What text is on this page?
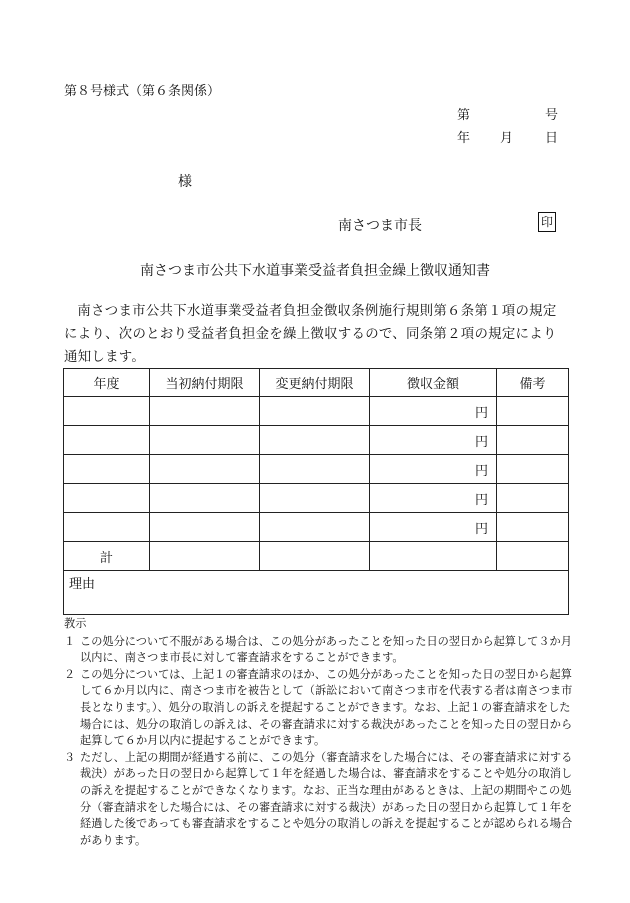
第８号様式（第６条関係）
第	号
年 月 日
様
南さつま市長	印
南さつま市公共下水道事業受益者負担金繰上徴収通知書
南さつま市公共下水道事業受益者負担金徴収条例施行規則第６条第１項の規定により、次のとおり受益者負担金を繰上徴収するので、同条第２項の規定により通知します。
年度	当初納付期限	変更納付期限	徴収金額	備考
			円	
			円	
			円	
			円	
			円	
計				
理由

教示

１ この処分について不服がある場合は、この処分があったことを知った日の翌日から起算して３か月以内に、南さつま市長に対して審査請求をすることができます。
２ この処分については、上記１の審査請求のほか、この処分があったことを知った日の翌日から起算して６か月以内に、南さつま市を被告として（訴訟において南さつま市を代表する者は南さつま市長となります。）、処分の取消しの訴えを提起することができます。なお、上記１の審査請求をした場合には、処分の取消しの訴えは、その審査請求に対する裁決があったことを知った日の翌日から起算して６か月以内に提起することができます。
３ ただし、上記の期間が経過する前に、この処分（審査請求をした場合には、その審査請求に対する裁決）があった日の翌日から起算して１年を経過した場合は、審査請求をすることや処分の取消しの訴えを提起することができなくなります。なお、正当な理由があるときは、上記の期間やこの処分（審査請求をした場合には、その審査請求に対する裁決）があった日の翌日から起算して１年を経過した後であっても審査請求をすることや処分の取消しの訴えを提起することが認められる場合があります。
